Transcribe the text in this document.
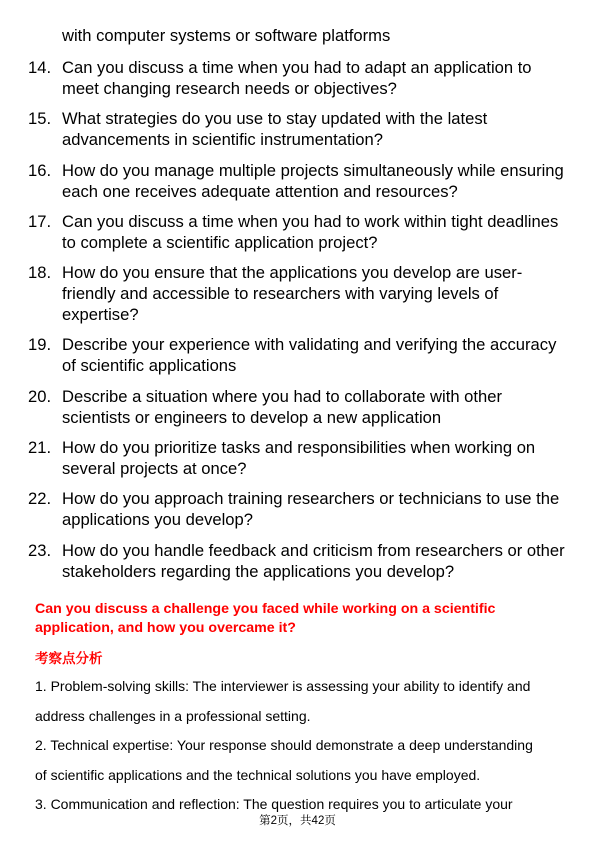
with computer systems or software platforms
14. Can you discuss a time when you had to adapt an application to meet changing research needs or objectives?
15. What strategies do you use to stay updated with the latest advancements in scientific instrumentation?
16. How do you manage multiple projects simultaneously while ensuring each one receives adequate attention and resources?
17. Can you discuss a time when you had to work within tight deadlines to complete a scientific application project?
18. How do you ensure that the applications you develop are user-friendly and accessible to researchers with varying levels of expertise?
19. Describe your experience with validating and verifying the accuracy of scientific applications
20. Describe a situation where you had to collaborate with other scientists or engineers to develop a new application
21. How do you prioritize tasks and responsibilities when working on several projects at once?
22. How do you approach training researchers or technicians to use the applications you develop?
23. How do you handle feedback and criticism from researchers or other stakeholders regarding the applications you develop?
Can you discuss a challenge you faced while working on a scientific application, and how you overcame it?
考察点分析
1. Problem-solving skills: The interviewer is assessing your ability to identify and
address challenges in a professional setting.
2. Technical expertise: Your response should demonstrate a deep understanding
of scientific applications and the technical solutions you have employed.
3. Communication and reflection: The question requires you to articulate your
第2页，共42页
